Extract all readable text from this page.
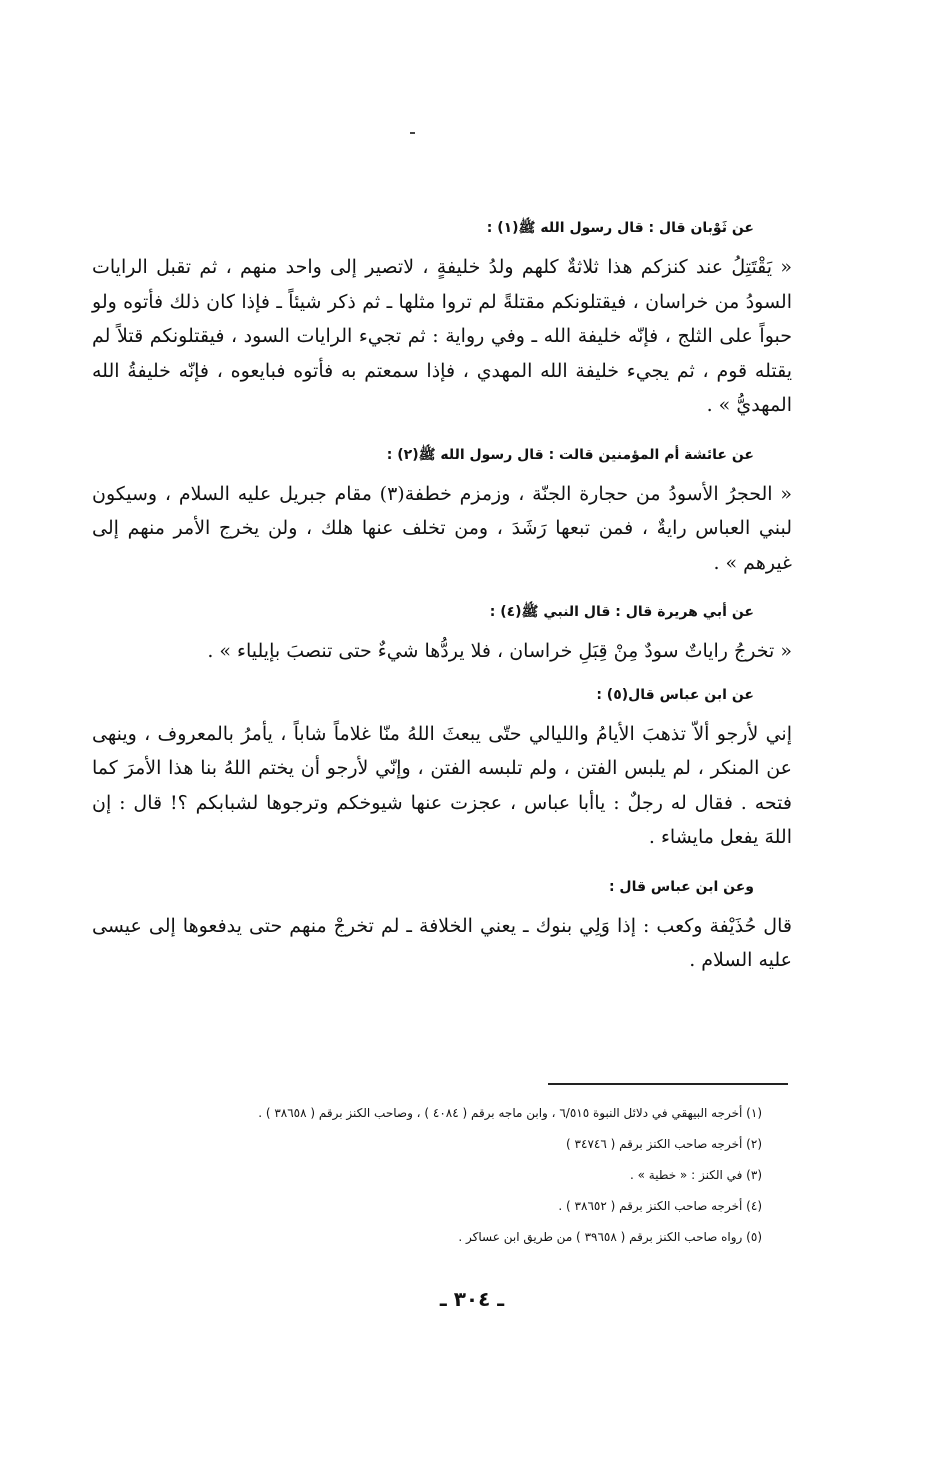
عن ثَوْبان قال : قال رسول الله ﷺ(١) :

« يَقْتَتِلُ عند كنزكم هذا ثلاثةٌ كلهم ولدُ خليفةٍ ، لاتصير إلى واحد منهم ، ثم تقبل الرايات السودُ من خراسان ، فيقتلونكم مقتلةً لم تروا مثلها ـ ثم ذكر شيئاً ـ فإذا كان ذلك فأتوه ولو حبواً على الثلج ، فإنّه خليفة الله ـ وفي رواية : ثم تجيء الرايات السود ، فيقتلونكم قتلاً لم يقتله قوم ، ثم يجيء خليفة الله المهدي ، فإذا سمعتم به فأتوه فبايعوه ، فإنّه خليفةُ الله المهديُّ » .

عن عائشة أم المؤمنين قالت : قال رسول الله ﷺ(٢) :

« الحجرُ الأسودُ من حجارة الجنّة ، وزمزم خطفة(٣) مقام جبريل عليه السلام ، وسيكون لبني العباس رايةٌ ، فمن تبعها رَشَدَ ، ومن تخلف عنها هلك ، ولن يخرج الأمر منهم إلى غيرهم » .

عن أبي هريرة قال : قال النبي ﷺ(٤) :

« تخرجُ راياتٌ سودٌ مِنْ قِبَلِ خراسان ، فلا يردُّها شيءٌ حتى تنصبَ بإيلياء » .

عن ابن عباس قال(٥) :

إني لأرجو ألاّ تذهبَ الأيامُ والليالي حتّى يبعثَ اللهُ منّا غلاماً شاباً ، يأمرُ بالمعروف ، وينهى عن المنكر ، لم يلبس الفتن ، ولم تلبسه الفتن ، وإنّي لأرجو أن يختم اللهُ بنا هذا الأمرَ كما فتحه . فقال له رجلٌ : ياأبا عباس ، عجزت عنها شيوخكم وترجوها لشبابكم ؟! قال : إن اللهَ يفعل مايشاء .

وعن ابن عباس قال :

قال حُذَيْفة وكعب : إذا وَلِي بنوك ـ يعني الخلافة ـ لم تخرجْ منهم حتى يدفعوها إلى عيسى عليه السلام .

(١) أخرجه البيهقي في دلائل النبوة ٦/٥١٥ ، وابن ماجه برقم ( ٤٠٨٤ ) ، وصاحب الكنز برقم ( ٣٨٦٥٨ ) .

(٢) أخرجه صاحب الكنز برقم ( ٣٤٧٤٦ )

(٣) في الكنز : « خطية » .

(٤) أخرجه صاحب الكنز برقم ( ٣٨٦٥٢ ) .

(٥) رواه صاحب الكنز برقم ( ٣٩٦٥٨ ) من طريق ابن عساكر .

ـ ٣٠٤ ـ
